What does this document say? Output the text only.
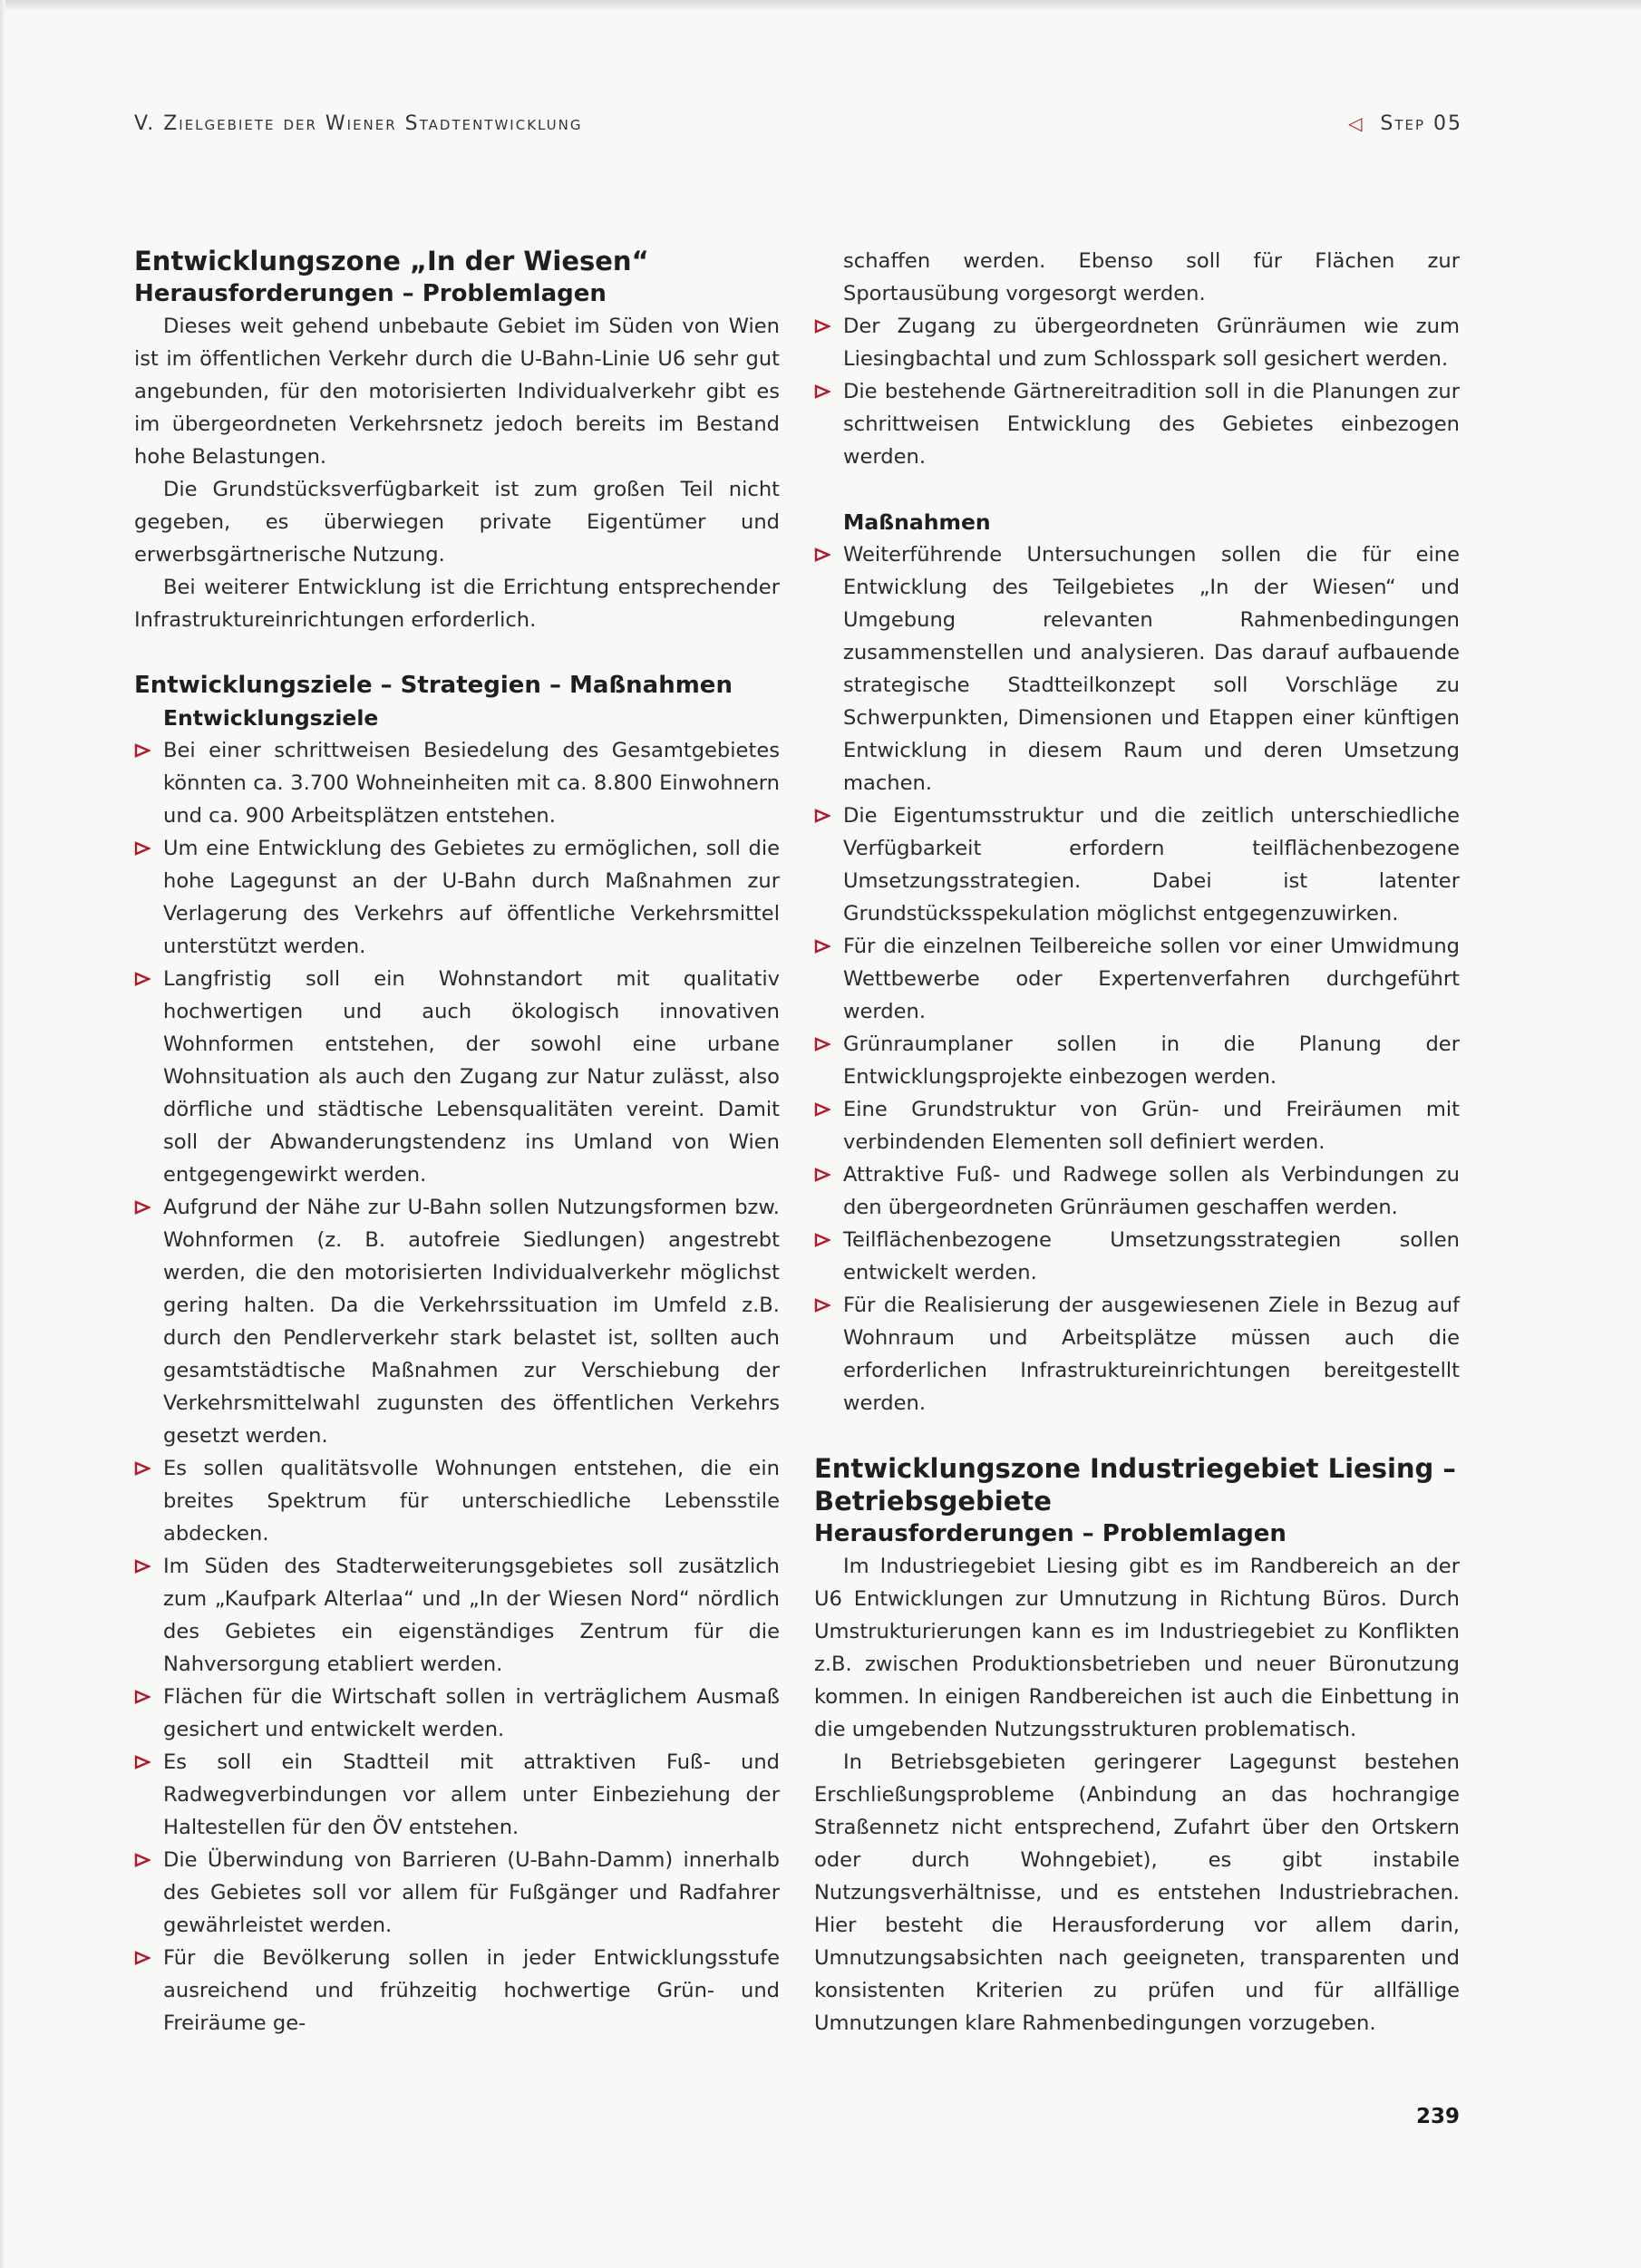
V. Zielgebiete der Wiener Stadtentwicklung	◁ Step 05
Entwicklungszone „In der Wiesen“
Herausforderungen – Problemlagen

Dieses weit gehend unbebaute Gebiet im Süden von Wien ist im öffentlichen Verkehr durch die U-Bahn-Linie U6 sehr gut angebunden, für den motorisierten Individualverkehr gibt es im übergeordneten Verkehrsnetz jedoch bereits im Bestand hohe Belastungen.

Die Grundstücksverfügbarkeit ist zum großen Teil nicht gegeben, es überwiegen private Eigentümer und erwerbsgärtnerische Nutzung.

Bei weiterer Entwicklung ist die Errichtung entsprechender Infrastruktureinrichtungen erforderlich.

Entwicklungsziele – Strategien – Maßnahmen
Entwicklungsziele
Bei einer schrittweisen Besiedelung des Gesamtgebietes könnten ca. 3.700 Wohneinheiten mit ca. 8.800 Einwohnern und ca. 900 Arbeitsplätzen entstehen.
Um eine Entwicklung des Gebietes zu ermöglichen, soll die hohe Lagegunst an der U-Bahn durch Maßnahmen zur Verlagerung des Verkehrs auf öffentliche Verkehrsmittel unterstützt werden.
Langfristig soll ein Wohnstandort mit qualitativ hochwertigen und auch ökologisch innovativen Wohnformen entstehen, der sowohl eine urbane Wohnsituation als auch den Zugang zur Natur zulässt, also dörfliche und städtische Lebensqualitäten vereint. Damit soll der Abwanderungstendenz ins Umland von Wien entgegengewirkt werden.
Aufgrund der Nähe zur U-Bahn sollen Nutzungsformen bzw. Wohnformen (z. B. autofreie Siedlungen) angestrebt werden, die den motorisierten Individualverkehr möglichst gering halten. Da die Verkehrssituation im Umfeld z.B. durch den Pendlerverkehr stark belastet ist, sollten auch gesamtstädtische Maßnahmen zur Verschiebung der Verkehrsmittelwahl zugunsten des öffentlichen Verkehrs gesetzt werden.
Es sollen qualitätsvolle Wohnungen entstehen, die ein breites Spektrum für unterschiedliche Lebensstile abdecken.
Im Süden des Stadterweiterungsgebietes soll zusätzlich zum „Kaufpark Alterlaa“ und „In der Wiesen Nord“ nördlich des Gebietes ein eigenständiges Zentrum für die Nahversorgung etabliert werden.
Flächen für die Wirtschaft sollen in verträglichem Ausmaß gesichert und entwickelt werden.
Es soll ein Stadtteil mit attraktiven Fuß- und Radwegverbindungen vor allem unter Einbeziehung der Haltestellen für den ÖV entstehen.
Die Überwindung von Barrieren (U-Bahn-Damm) innerhalb des Gebietes soll vor allem für Fußgänger und Radfahrer gewährleistet werden.
Für die Bevölkerung sollen in jeder Entwicklungsstufe ausreichend und frühzeitig hochwertige Grün- und Freiräume ge-
schaffen werden. Ebenso soll für Flächen zur Sportausübung vorgesorgt werden.
Der Zugang zu übergeordneten Grünräumen wie zum Liesingbachtal und zum Schlosspark soll gesichert werden.
Die bestehende Gärtnereitradition soll in die Planungen zur schrittweisen Entwicklung des Gebietes einbezogen werden.
Maßnahmen
Weiterführende Untersuchungen sollen die für eine Entwicklung des Teilgebietes „In der Wiesen“ und Umgebung relevanten Rahmenbedingungen zusammenstellen und analysieren. Das darauf aufbauende strategische Stadtteilkonzept soll Vorschläge zu Schwerpunkten, Dimensionen und Etappen einer künftigen Entwicklung in diesem Raum und deren Umsetzung machen.
Die Eigentumsstruktur und die zeitlich unterschiedliche Verfügbarkeit erfordern teilflächenbezogene Umsetzungsstrategien. Dabei ist latenter Grundstücksspekulation möglichst entgegenzuwirken.
Für die einzelnen Teilbereiche sollen vor einer Umwidmung Wettbewerbe oder Expertenverfahren durchgeführt werden.
Grünraumplaner sollen in die Planung der Entwicklungsprojekte einbezogen werden.
Eine Grundstruktur von Grün- und Freiräumen mit verbindenden Elementen soll definiert werden.
Attraktive Fuß- und Radwege sollen als Verbindungen zu den übergeordneten Grünräumen geschaffen werden.
Teilflächenbezogene Umsetzungsstrategien sollen entwickelt werden.
Für die Realisierung der ausgewiesenen Ziele in Bezug auf Wohnraum und Arbeitsplätze müssen auch die erforderlichen Infrastruktureinrichtungen bereitgestellt werden.
Entwicklungszone Industriegebiet Liesing – Betriebsgebiete
Herausforderungen – Problemlagen

Im Industriegebiet Liesing gibt es im Randbereich an der U6 Entwicklungen zur Umnutzung in Richtung Büros. Durch Umstrukturierungen kann es im Industriegebiet zu Konflikten z.B. zwischen Produktionsbetrieben und neuer Büronutzung kommen. In einigen Randbereichen ist auch die Einbettung in die umgebenden Nutzungsstrukturen problematisch.

In Betriebsgebieten geringerer Lagegunst bestehen Erschließungsprobleme (Anbindung an das hochrangige Straßennetz nicht entsprechend, Zufahrt über den Ortskern oder durch Wohngebiet), es gibt instabile Nutzungsverhältnisse, und es entstehen Industriebrachen. Hier besteht die Herausforderung vor allem darin, Umnutzungsabsichten nach geeigneten, transparenten und konsistenten Kriterien zu prüfen und für allfällige Umnutzungen klare Rahmenbedingungen vorzugeben.

239
